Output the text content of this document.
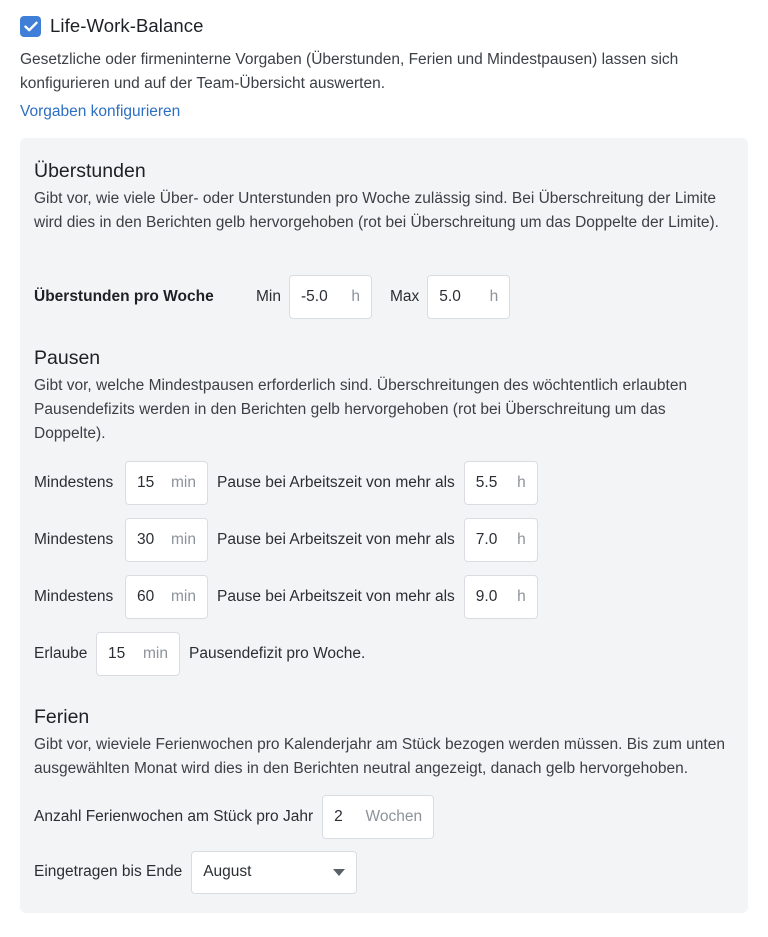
Life-Work-Balance

Gesetzliche oder firmeninterne Vorgaben (Überstunden, Ferien und Mindestpausen) lassen sich konfigurieren und auf der Team-Übersicht auswerten.

Vorgaben konfigurieren
Überstunden

Gibt vor, wie viele Über- oder Unterstunden pro Woche zulässig sind. Bei Überschreitung der Limite wird dies in den Berichten gelb hervorgehoben (rot bei Überschreitung um das Doppelte der Limite).

Überstunden pro Woche	Min -5.0 h Max 5.0 h
Pausen

Gibt vor, welche Mindestpausen erforderlich sind. Überschreitungen des wöchtentlich erlaubten Pausendefizits werden in den Berichten gelb hervorgehoben (rot bei Überschreitung um das Doppelte).

Mindestens	15 min Pause bei Arbeitszeit von mehr als 5.5 h
Mindestens	30 min Pause bei Arbeitszeit von mehr als 7.0 h
Mindestens	60 min Pause bei Arbeitszeit von mehr als 9.0 h
Erlaube	15 min Pausendefizit pro Woche.
Ferien

Gibt vor, wieviele Ferienwochen pro Kalenderjahr am Stück bezogen werden müssen. Bis zum unten ausgewählten Monat wird dies in den Berichten neutral angezeigt, danach gelb hervorgehoben.

Anzahl Ferienwochen am Stück pro Jahr 2 Wochen
Eingetragen bis Ende August
